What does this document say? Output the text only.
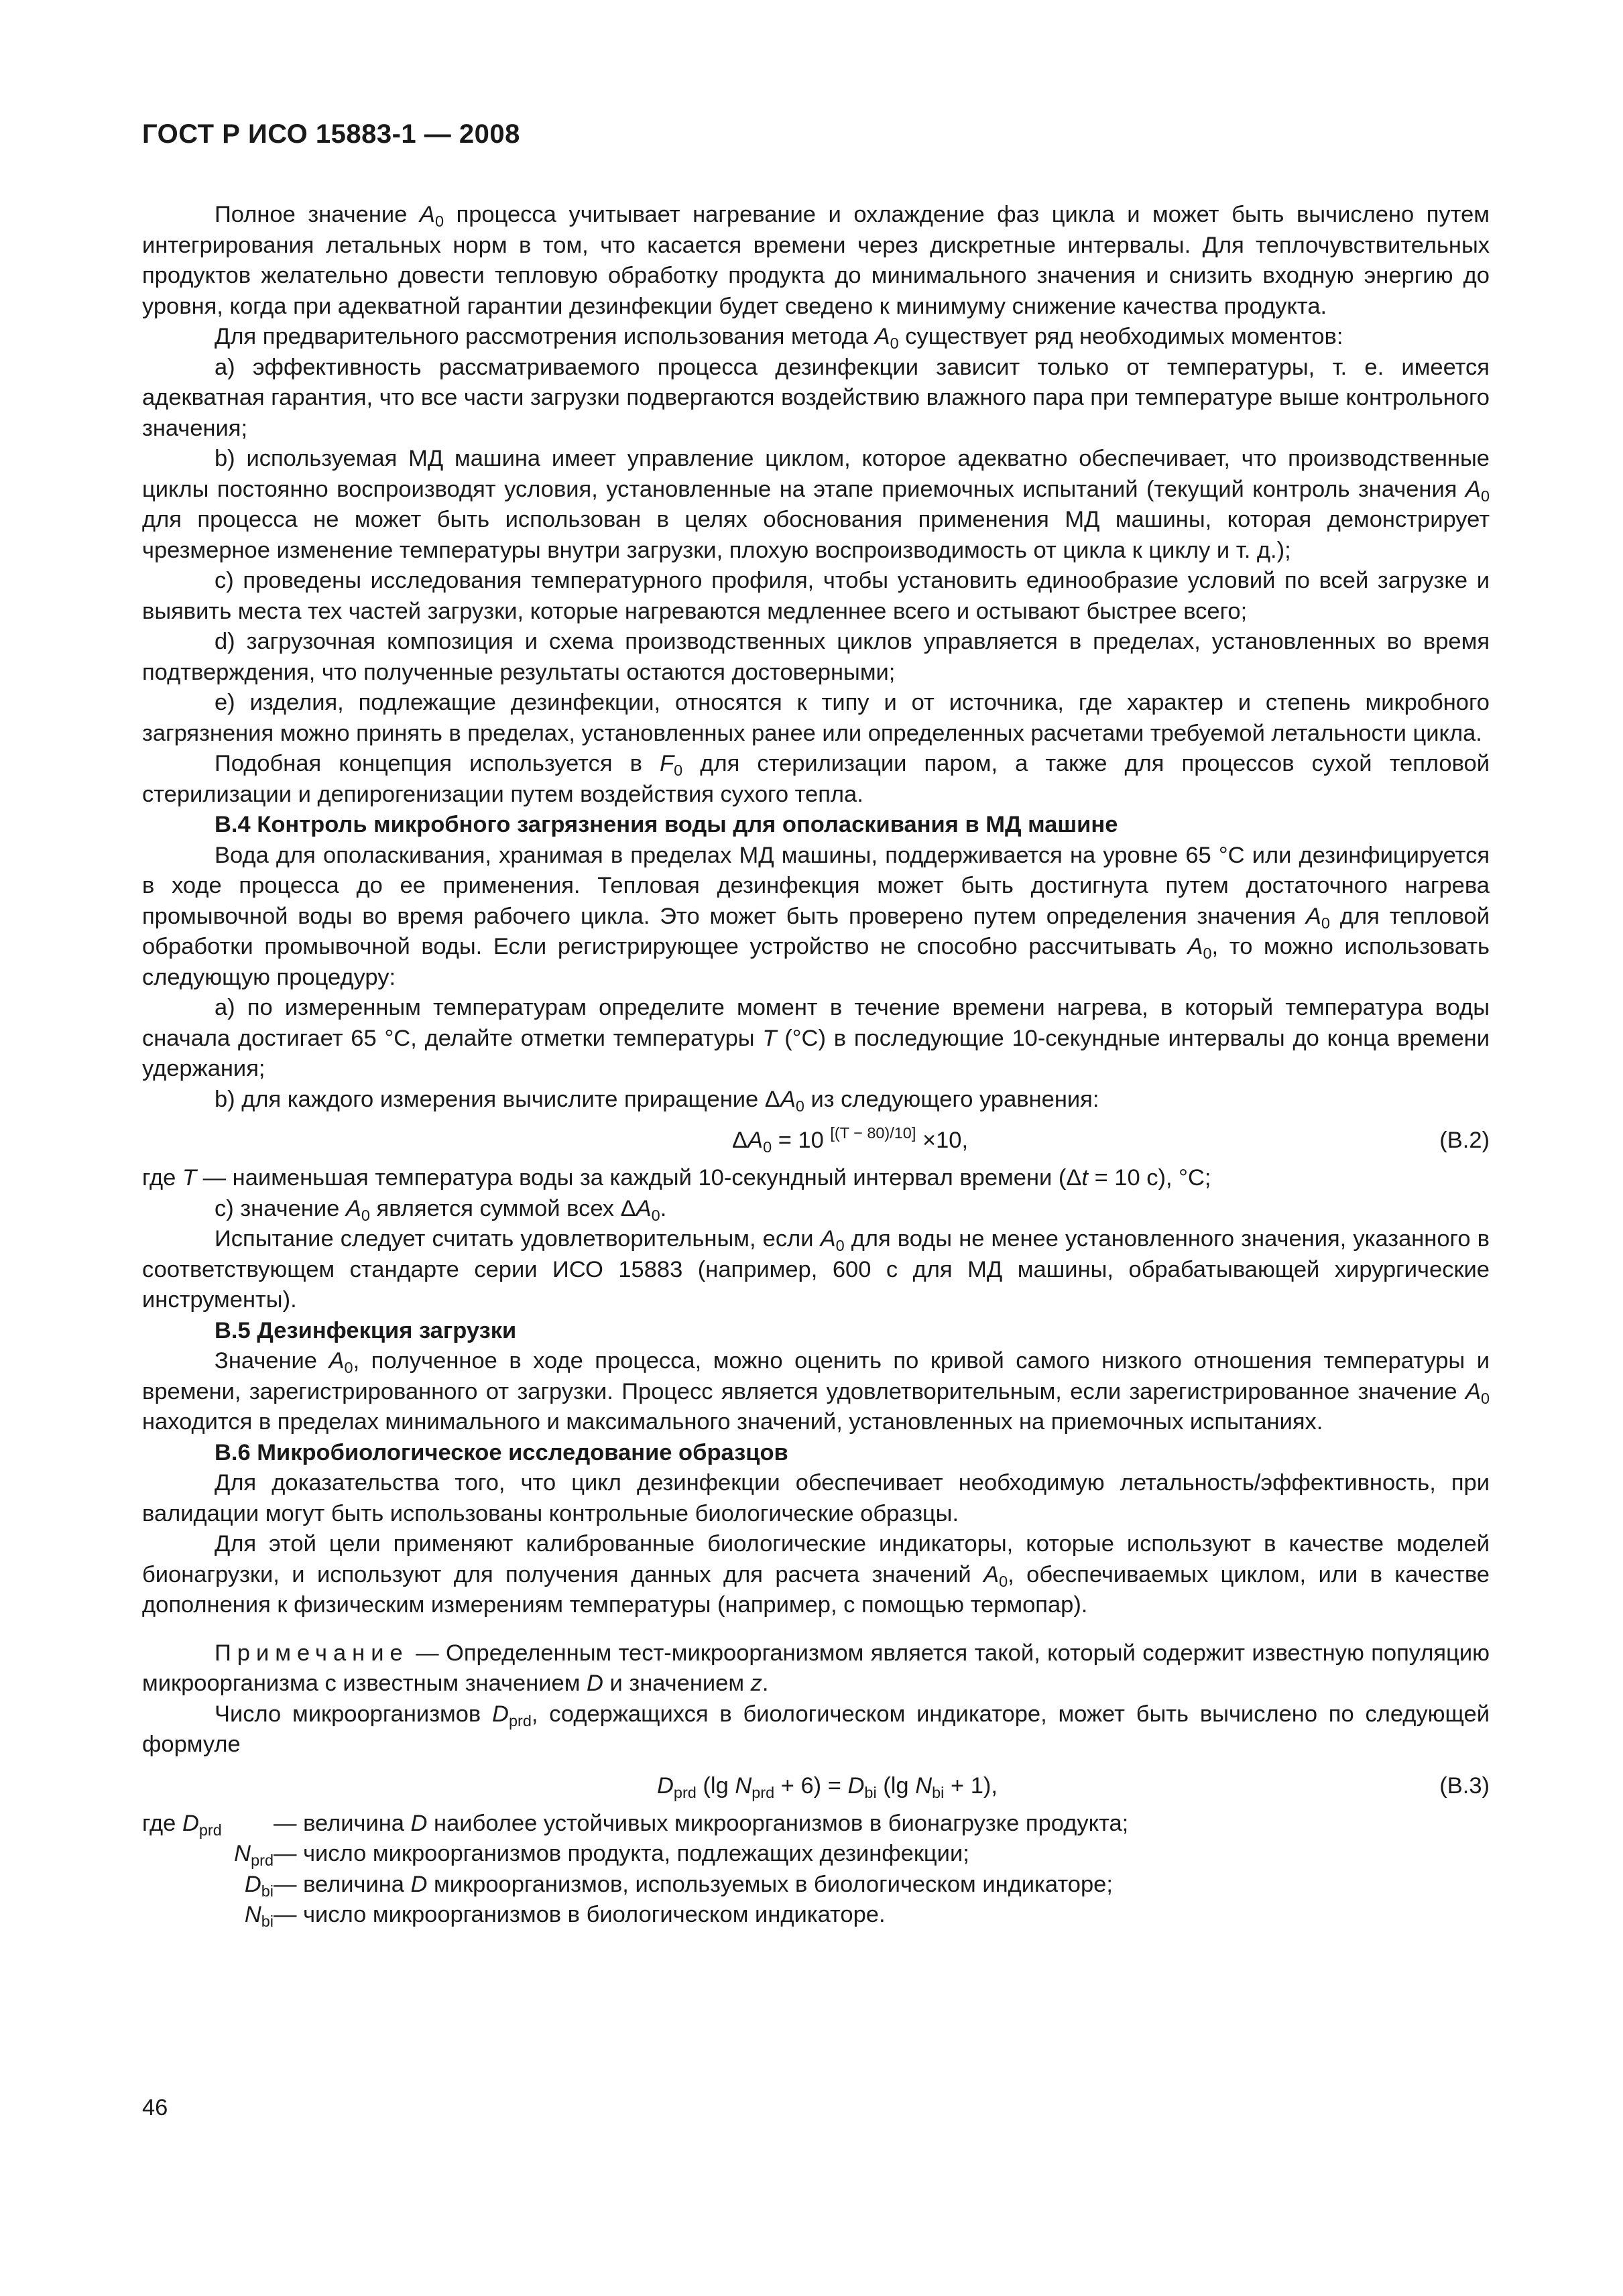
ГОСТ Р ИСО 15883-1 — 2008

Полное значение $A_0$ процесса учитывает нагревание и охлаждение фаз цикла и может быть вычислено путем интегрирования летальных норм в том, что касается времени через дискретные интервалы. Для теплочувствительных продуктов желательно довести тепловую обработку продукта до минимального значения и снизить входную энергию до уровня, когда при адекватной гарантии дезинфекции будет сведено к минимуму снижение качества продукта.

Для предварительного рассмотрения использования метода $A_0$ существует ряд необходимых моментов:

a) эффективность рассматриваемого процесса дезинфекции зависит только от температуры, т. е. имеется адекватная гарантия, что все части загрузки подвергаются воздействию влажного пара при температуре выше контрольного значения;

b) используемая МД машина имеет управление циклом, которое адекватно обеспечивает, что производственные циклы постоянно воспроизводят условия, установленные на этапе приемочных испытаний (текущий контроль значения $A_0$ для процесса не может быть использован в целях обоснования применения МД машины, которая демонстрирует чрезмерное изменение температуры внутри загрузки, плохую воспроизводимость от цикла к циклу и т. д.);

c) проведены исследования температурного профиля, чтобы установить единообразие условий по всей загрузке и выявить места тех частей загрузки, которые нагреваются медленнее всего и остывают быстрее всего;

d) загрузочная композиция и схема производственных циклов управляется в пределах, установленных во время подтверждения, что полученные результаты остаются достоверными;

e) изделия, подлежащие дезинфекции, относятся к типу и от источника, где характер и степень микробного загрязнения можно принять в пределах, установленных ранее или определенных расчетами требуемой летальности цикла.

Подобная концепция используется в $F_0$ для стерилизации паром, а также для процессов сухой тепловой стерилизации и депирогенизации путем воздействия сухого тепла.

В.4 Контроль микробного загрязнения воды для ополаскивания в МД машине

Вода для ополаскивания, хранимая в пределах МД машины, поддерживается на уровне 65 °С или дезинфицируется в ходе процесса до ее применения. Тепловая дезинфекция может быть достигнута путем достаточного нагрева промывочной воды во время рабочего цикла. Это может быть проверено путем определения значения $A_0$ для тепловой обработки промывочной воды. Если регистрирующее устройство не способно рассчитывать $A_0$, то можно использовать следующую процедуру:

a) по измеренным температурам определите момент в течение времени нагрева, в который температура воды сначала достигает 65 °С, делайте отметки температуры T (°С) в последующие 10-секундные интервалы до конца времени удержания;

b) для каждого измерения вычислите приращение $\Delta A_0$ из следующего уравнения:

$\Delta A_0 = 10$ [(T − 80)/10] ×10,	(В.2)

где T — наименьшая температура воды за каждый 10-секундный интервал времени (Δt = 10 с), °С;

c) значение $A_0$ является суммой всех $\Delta A_0$.

Испытание следует считать удовлетворительным, если $A_0$ для воды не менее установленного значения, указанного в соответствующем стандарте серии ИСО 15883 (например, 600 с для МД машины, обрабатывающей хирургические инструменты).

В.5 Дезинфекция загрузки

Значение $A_0$, полученное в ходе процесса, можно оценить по кривой самого низкого отношения температуры и времени, зарегистрированного от загрузки. Процесс является удовлетворительным, если зарегистрированное значение $A_0$ находится в пределах минимального и максимального значений, установленных на приемочных испытаниях.

В.6 Микробиологическое исследование образцов

Для доказательства того, что цикл дезинфекции обеспечивает необходимую летальность/эффективность, при валидации могут быть использованы контрольные биологические образцы.

Для этой цели применяют калиброванные биологические индикаторы, которые используют в качестве моделей бионагрузки, и используют для получения данных для расчета значений $A_0$, обеспечиваемых циклом, или в качестве дополнения к физическим измерениям температуры (например, с помощью термопар).

Примечание — Определенным тест-микроорганизмом является такой, который содержит известную популяцию микроорганизма с известным значением D и значением z.

Число микроорганизмов $D_{prd}$, содержащихся в биологическом индикаторе, может быть вычислено по следующей формуле

$D_{prd}$ (lg $N_{prd} + 6) = D_{bi}$ (lg $N_{bi} + 1$),	(В.3)
где $D_{prd}$	— величина D наиболее устойчивых микроорганизмов в бионагрузке продукта;
$N_{prd}$ — число микроорганизмов продукта, подлежащих дезинфекции;
$D_{bi}$ — величина D микроорганизмов, используемых в биологическом индикаторе;
$N_{bi}$ — число микроорганизмов в биологическом индикаторе.
46
